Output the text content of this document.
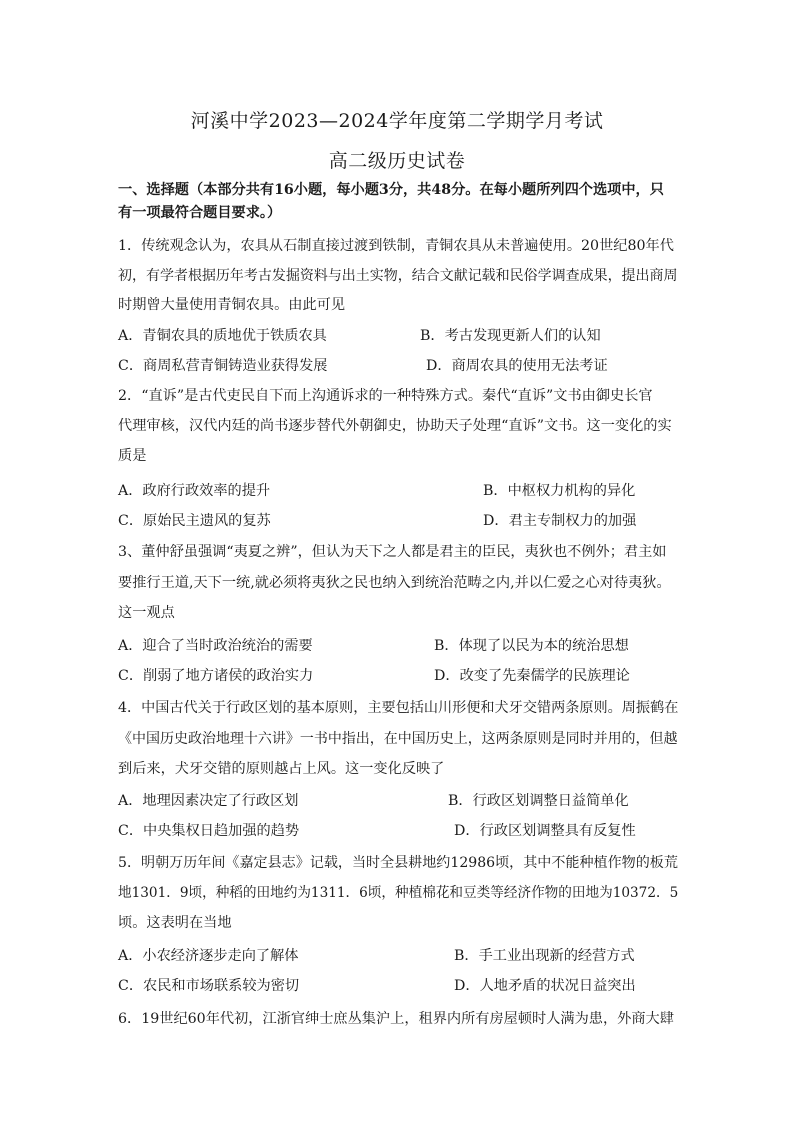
河溪中学2023—2024学年度第二学期学月考试
高二级历史试卷
一、选择题（本部分共有16小题，每小题3分，共48分。在每小题所列四个选项中，只
有一项最符合题目要求。）
1．传统观念认为，农具从石制直接过渡到铁制，青铜农具从未普遍使用。20世纪80年代
初，有学者根据历年考古发掘资料与出土实物，结合文献记载和民俗学调查成果，提出商周
时期曾大量使用青铜农具。由此可见
A．青铜农具的质地优于铁质农具	B．考古发现更新人们的认知
C．商周私营青铜铸造业获得发展	D．商周农具的使用无法考证
2．“直诉”是古代吏民自下而上沟通诉求的一种特殊方式。秦代“直诉”文书由御史长官
代理审核，汉代内廷的尚书逐步替代外朝御史，协助天子处理“直诉”文书。这一变化的实
质是
A．政府行政效率的提升	B．中枢权力机构的异化
C．原始民主遗风的复苏	D．君主专制权力的加强
3、董仲舒虽强调“夷夏之辨”，但认为天下之人都是君主的臣民，夷狄也不例外；君主如
要推行王道,天下一统,就必须将夷狄之民也纳入到统治范畴之内,并以仁爱之心对待夷狄。
这一观点
A．迎合了当时政治统治的需要	B．体现了以民为本的统治思想
C．削弱了地方诸侯的政治实力	D．改变了先秦儒学的民族理论
4．中国古代关于行政区划的基本原则，主要包括山川形便和犬牙交错两条原则。周振鹤在
《中国历史政治地理十六讲》一书中指出，在中国历史上，这两条原则是同时并用的，但越
到后来，犬牙交错的原则越占上风。这一变化反映了
A．地理因素决定了行政区划	B．行政区划调整日益简单化
C．中央集权日趋加强的趋势	D．行政区划调整具有反复性
5．明朝万历年间《嘉定县志》记载，当时全县耕地约12986顷，其中不能种植作物的板荒
地1301．9顷，种稻的田地约为1311．6顷，种植棉花和豆类等经济作物的田地为10372．5
顷。这表明在当地
A．小农经济逐步走向了解体	B．手工业出现新的经营方式
C．农民和市场联系较为密切	D．人地矛盾的状况日益突出
6．19世纪60年代初，江浙官绅士庶丛集沪上，租界内所有房屋顿时人满为患，外商大肆
